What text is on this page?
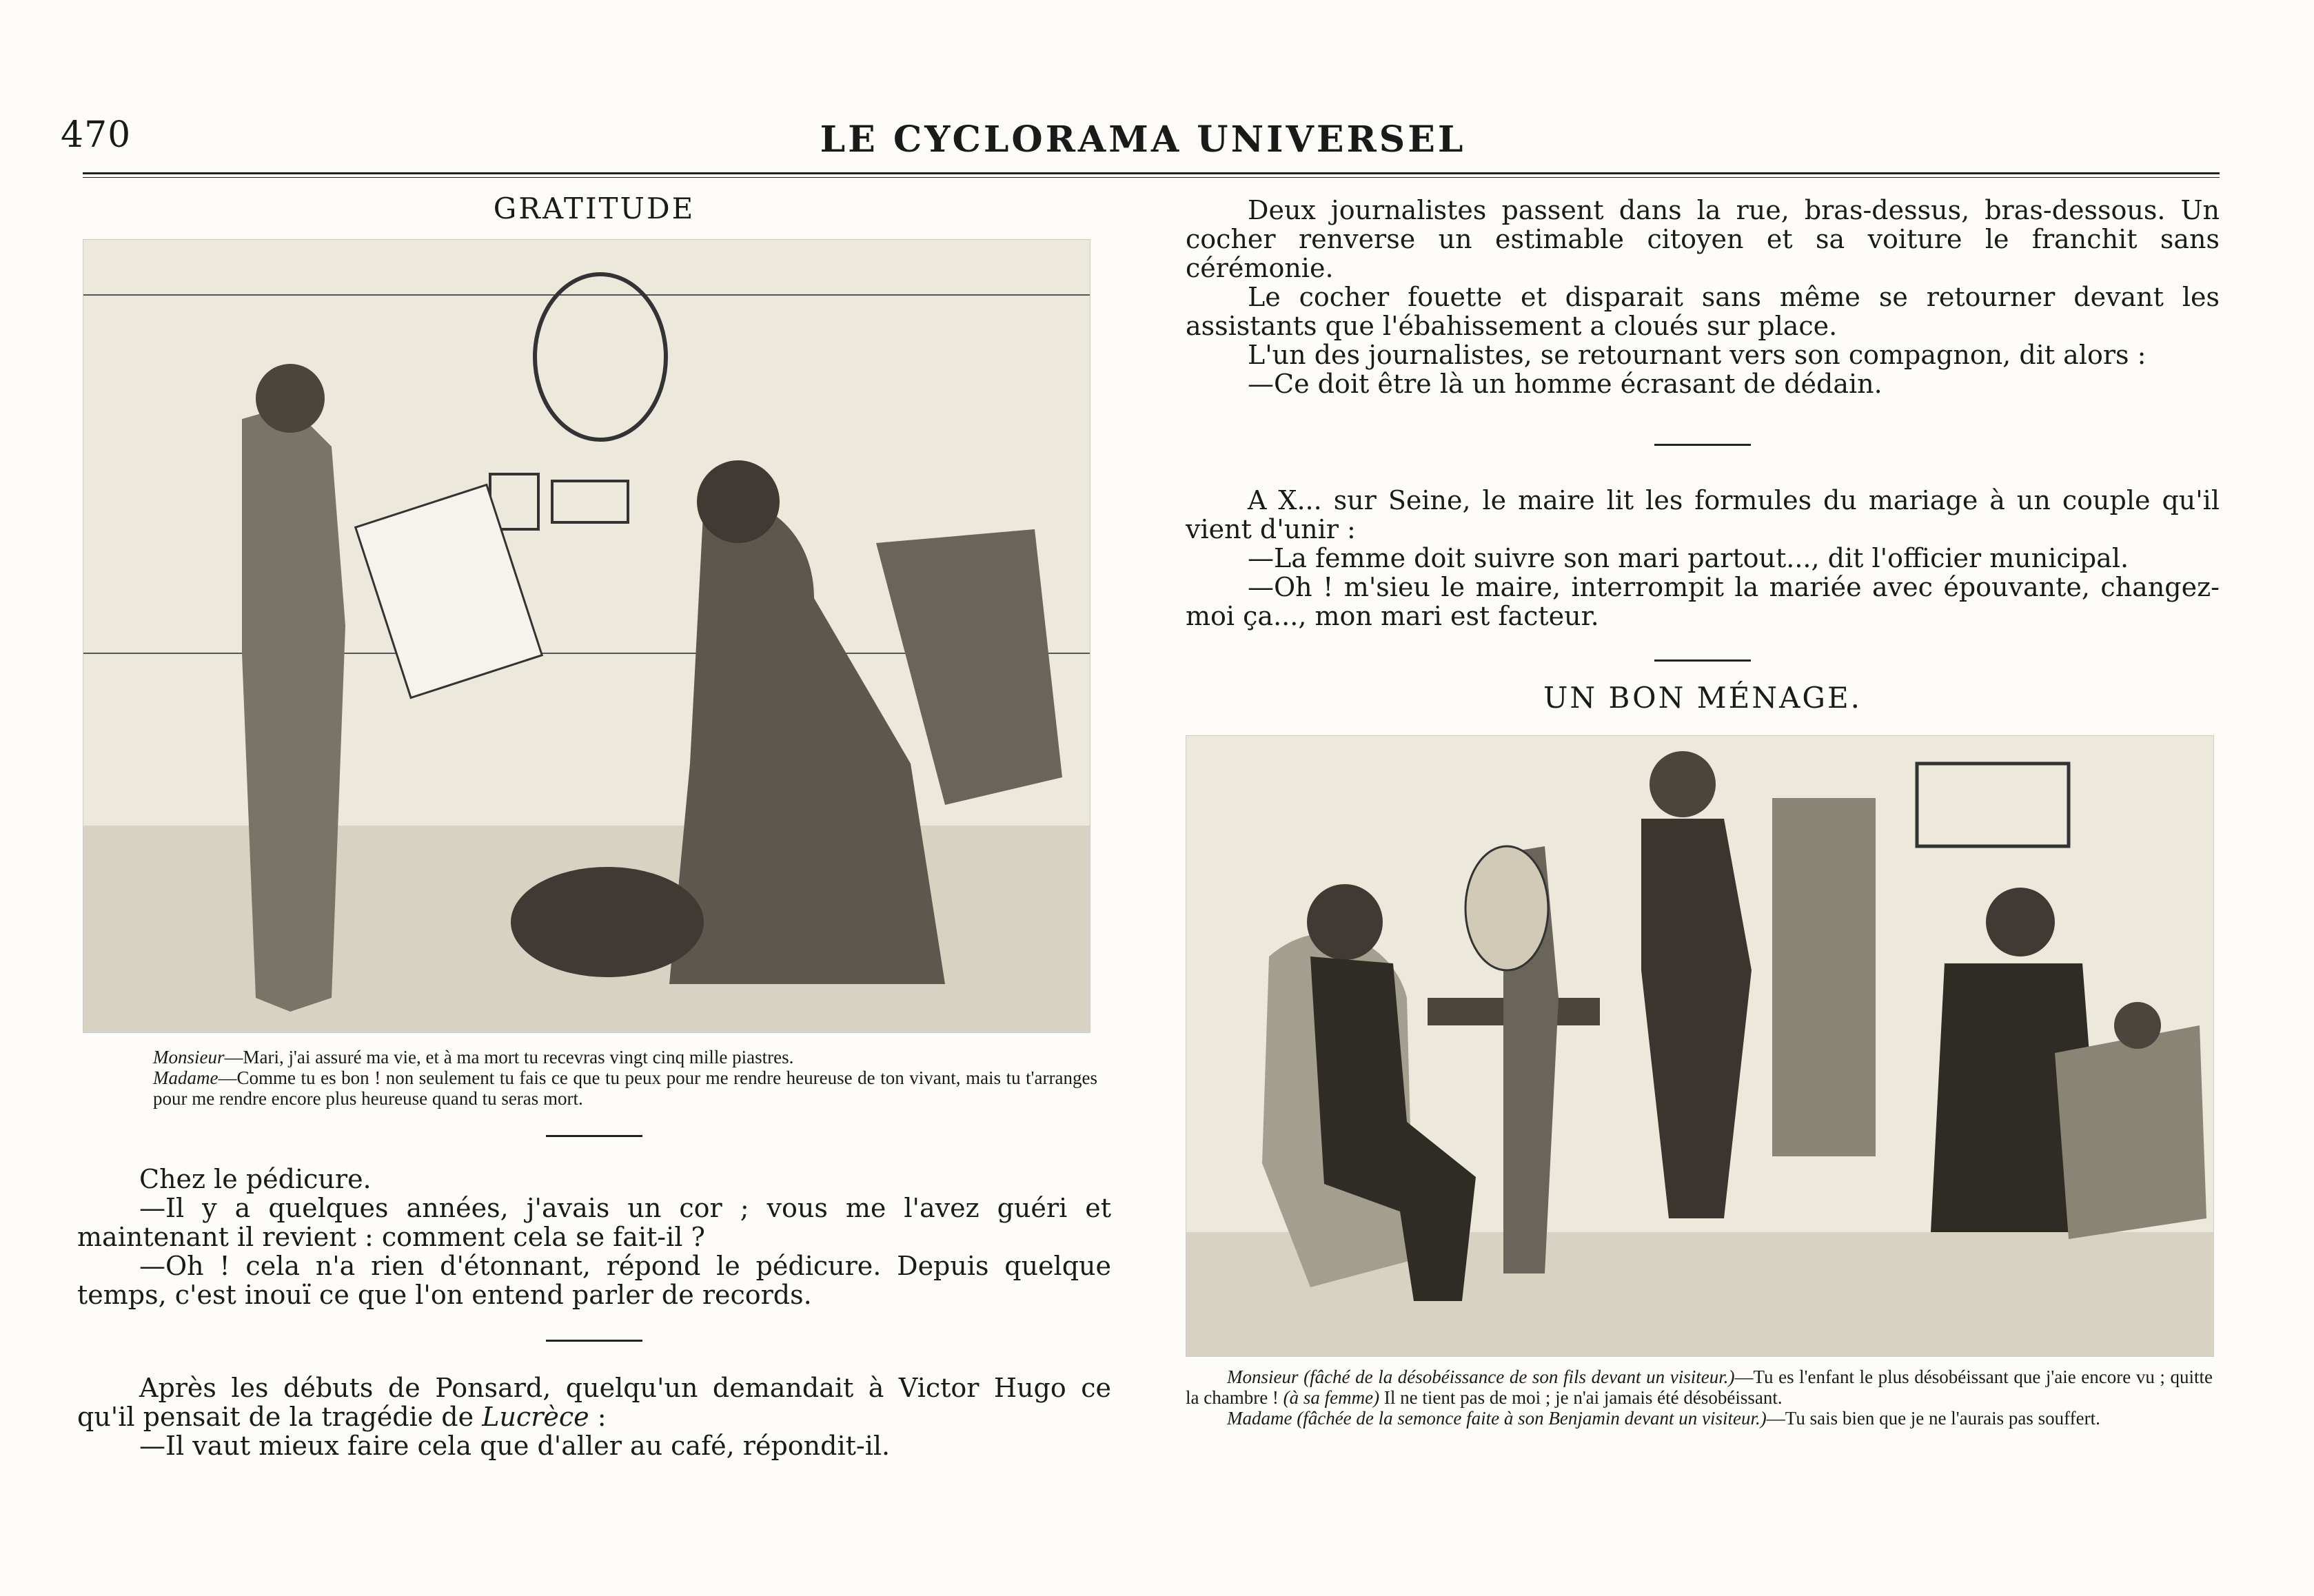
470	LE CYCLORAMA UNIVERSEL
GRATITUDE

Monsieur—Mari, j'ai assuré ma vie, et à ma mort tu recevras vingt cinq mille piastres.

Madame—Comme tu es bon ! non seulement tu fais ce que tu peux pour me rendre heureuse de ton vivant, mais tu t'arranges pour me rendre encore plus heureuse quand tu seras mort.

Chez le pédicure.

—Il y a quelques années, j'avais un cor ; vous me l'avez guéri et maintenant il revient : comment cela se fait-il ?

—Oh ! cela n'a rien d'étonnant, répond le pédicure. Depuis quelque temps, c'est inouï ce que l'on entend parler de records.

Après les débuts de Ponsard, quelqu'un demandait à Victor Hugo ce qu'il pensait de la tragédie de Lucrèce :

—Il vaut mieux faire cela que d'aller au café, répondit-il.

Deux journalistes passent dans la rue, bras-dessus, bras-dessous. Un cocher renverse un estimable citoyen et sa voiture le franchit sans cérémonie.

Le cocher fouette et disparait sans même se retourner devant les assistants que l'ébahissement a cloués sur place.

L'un des journalistes, se retournant vers son compagnon, dit alors :

—Ce doit être là un homme écrasant de dédain.

A X... sur Seine, le maire lit les formules du mariage à un couple qu'il vient d'unir :

—La femme doit suivre son mari partout..., dit l'officier municipal.

—Oh ! m'sieu le maire, interrompit la mariée avec épouvante, changez-moi ça..., mon mari est facteur.

UN BON MÉNAGE.

Monsieur (fâché de la désobéissance de son fils devant un visiteur.)—Tu es l'enfant le plus désobéissant que j'aie encore vu ; quitte la chambre ! (à sa femme) Il ne tient pas de moi ; je n'ai jamais été désobéissant.

Madame (fâchée de la semonce faite à son Benjamin devant un visiteur.)—Tu sais bien que je ne l'aurais pas souffert.
